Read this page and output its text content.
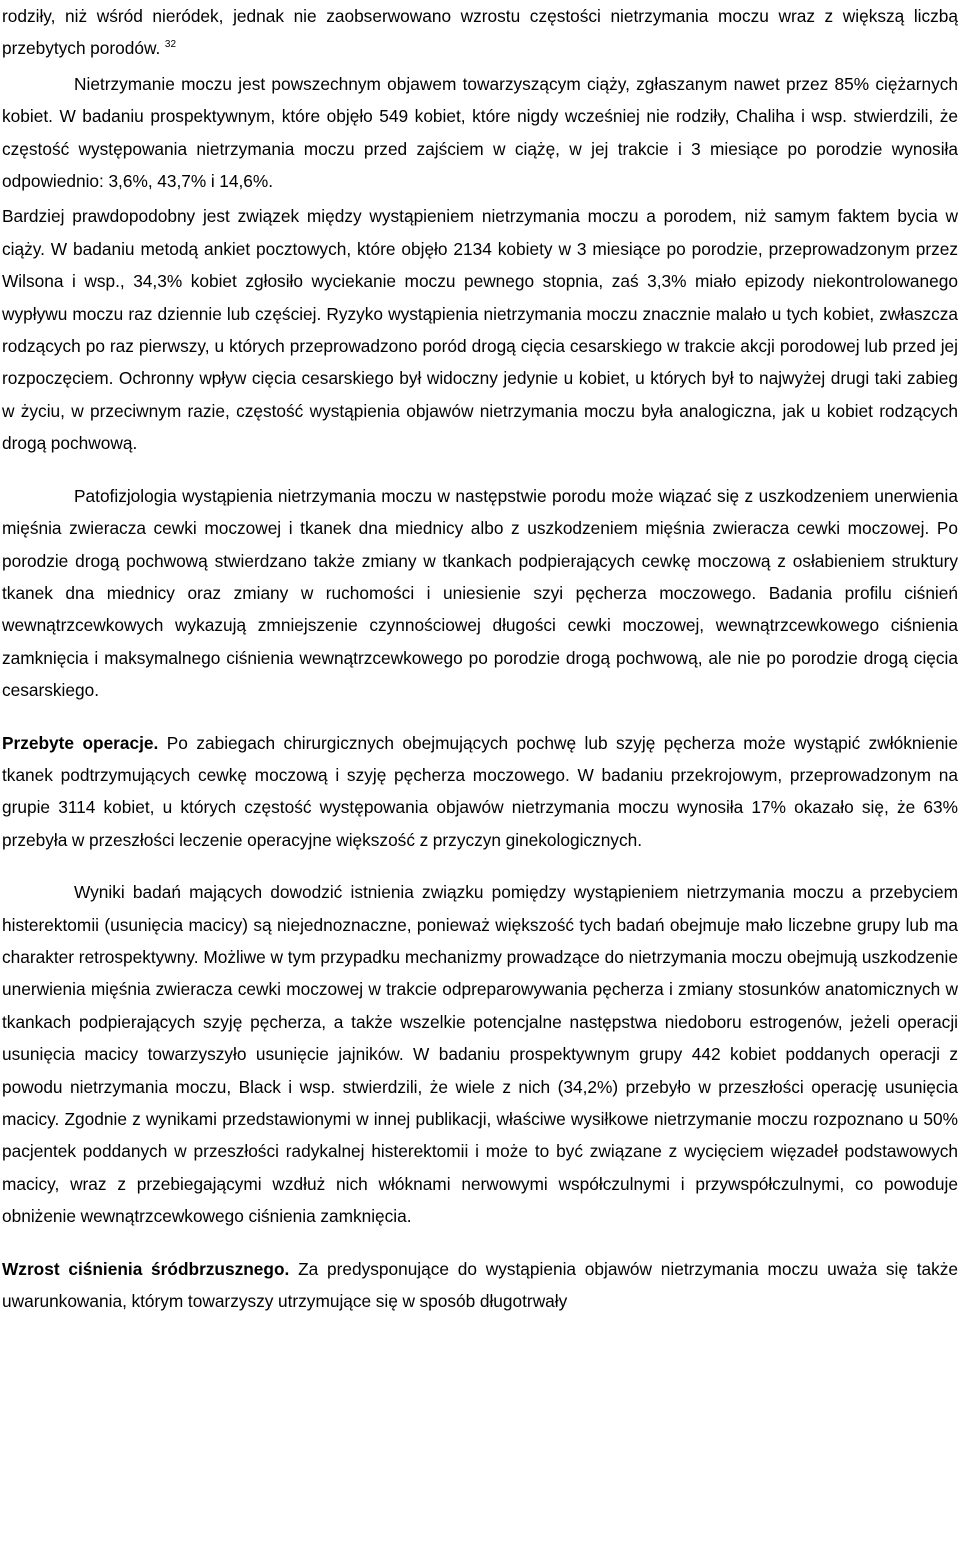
rodziły, niż wśród nieródek, jednak nie zaobserwowano wzrostu częstości nietrzymania moczu wraz z większą liczbą przebytych porodów. $^{32}$

Nietrzymanie moczu jest powszechnym objawem towarzyszącym ciąży, zgłaszanym nawet przez 85% ciężarnych kobiet. W badaniu prospektywnym, które objęło 549 kobiet, które nigdy wcześniej nie rodziły, Chaliha i wsp. stwierdzili, że częstość występowania nietrzymania moczu przed zajściem w ciążę, w jej trakcie i 3 miesiące po porodzie wynosiła odpowiednio: 3,6%, 43,7% i 14,6%.

Bardziej prawdopodobny jest związek między wystąpieniem nietrzymania moczu a porodem, niż samym faktem bycia w ciąży. W badaniu metodą ankiet pocztowych, które objęło 2134 kobiety w 3 miesiące po porodzie, przeprowadzonym przez Wilsona i wsp., 34,3% kobiet zgłosiło wyciekanie moczu pewnego stopnia, zaś 3,3% miało epizody niekontrolowanego wypływu moczu raz dziennie lub częściej. Ryzyko wystąpienia nietrzymania moczu znacznie malało u tych kobiet, zwłaszcza rodzących po raz pierwszy, u których przeprowadzono poród drogą cięcia cesarskiego w trakcie akcji porodowej lub przed jej rozpoczęciem. Ochronny wpływ cięcia cesarskiego był widoczny jedynie u kobiet, u których był to najwyżej drugi taki zabieg w życiu, w przeciwnym razie, częstość wystąpienia objawów nietrzymania moczu była analogiczna, jak u kobiet rodzących drogą pochwową.

Patofizjologia wystąpienia nietrzymania moczu w następstwie porodu może wiązać się z uszkodzeniem unerwienia mięśnia zwieracza cewki moczowej i tkanek dna miednicy albo z uszkodzeniem mięśnia zwieracza cewki moczowej. Po porodzie drogą pochwową stwierdzano także zmiany w tkankach podpierających cewkę moczową z osłabieniem struktury tkanek dna miednicy oraz zmiany w ruchomości i uniesienie szyi pęcherza moczowego. Badania profilu ciśnień wewnątrzcewkowych wykazują zmniejszenie czynnościowej długości cewki moczowej, wewnątrzcewkowego ciśnienia zamknięcia i maksymalnego ciśnienia wewnątrzcewkowego po porodzie drogą pochwową, ale nie po porodzie drogą cięcia cesarskiego.

Przebyte operacje. Po zabiegach chirurgicznych obejmujących pochwę lub szyję pęcherza może wystąpić zwłóknienie tkanek podtrzymujących cewkę moczową i szyję pęcherza moczowego. W badaniu przekrojowym, przeprowadzonym na grupie 3114 kobiet, u których częstość występowania objawów nietrzymania moczu wynosiła 17% okazało się, że 63% przebyła w przeszłości leczenie operacyjne większość z przyczyn ginekologicznych.

Wyniki badań mających dowodzić istnienia związku pomiędzy wystąpieniem nietrzymania moczu a przebyciem histerektomii (usunięcia macicy) są niejednoznaczne, ponieważ większość tych badań obejmuje mało liczebne grupy lub ma charakter retrospektywny. Możliwe w tym przypadku mechanizmy prowadzące do nietrzymania moczu obejmują uszkodzenie unerwienia mięśnia zwieracza cewki moczowej w trakcie odpreparowywania pęcherza i zmiany stosunków anatomicznych w tkankach podpierających szyję pęcherza, a także wszelkie potencjalne następstwa niedoboru estrogenów, jeżeli operacji usunięcia macicy towarzyszyło usunięcie jajników. W badaniu prospektywnym grupy 442 kobiet poddanych operacji z powodu nietrzymania moczu, Black i wsp. stwierdzili, że wiele z nich (34,2%) przebyło w przeszłości operację usunięcia macicy. Zgodnie z wynikami przedstawionymi w innej publikacji, właściwe wysiłkowe nietrzymanie moczu rozpoznano u 50% pacjentek poddanych w przeszłości radykalnej histerektomii i może to być związane z wycięciem więzadeł podstawowych macicy, wraz z przebiegającymi wzdłuż nich włóknami nerwowymi współczulnymi i przywspółczulnymi, co powoduje obniżenie wewnątrzcewkowego ciśnienia zamknięcia.

Wzrost ciśnienia śródbrzusznego. Za predysponujące do wystąpienia objawów nietrzymania moczu uważa się także uwarunkowania, którym towarzyszy utrzymujące się w sposób długotrwały
